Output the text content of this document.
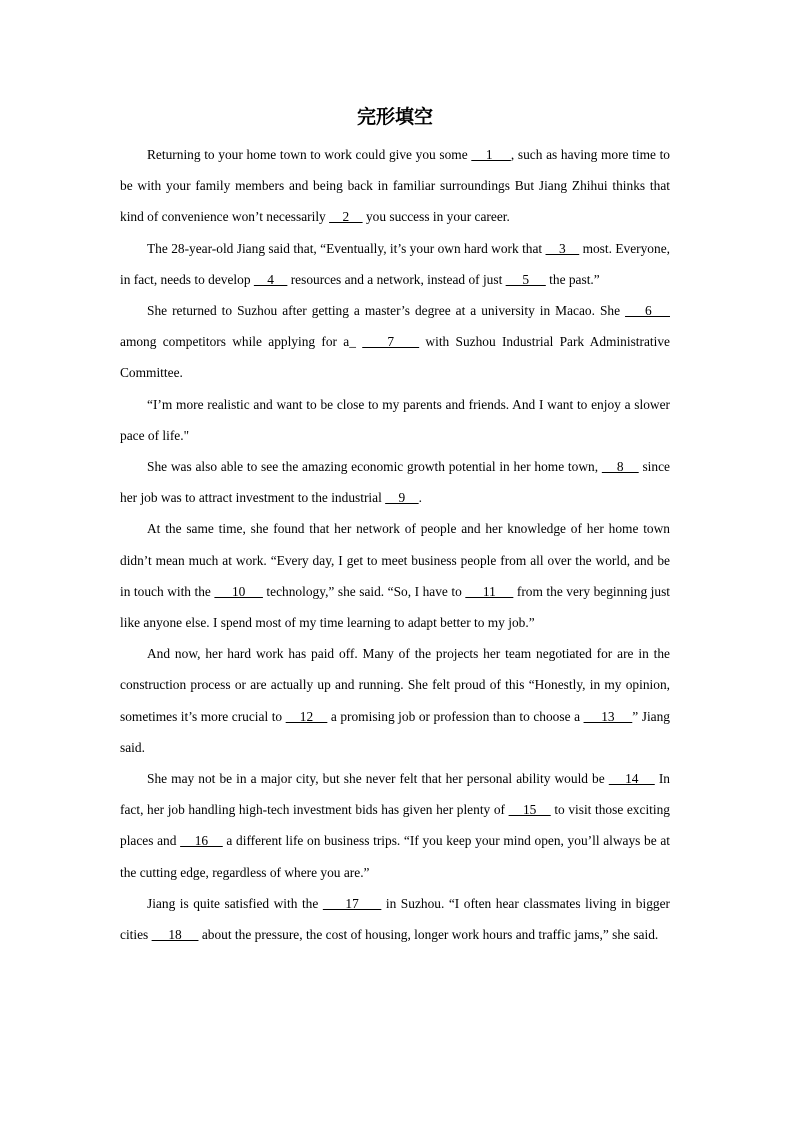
完形填空

Returning to your home town to work could give you some     1     , such as having more time to be with your family members and being back in familiar surroundings But Jiang Zhihui thinks that kind of convenience won’t necessarily     2     you success in your career.

The 28-year-old Jiang said that, “Eventually, it’s your own hard work that     3     most. Everyone, in fact, needs to develop     4     resources and a network, instead of just      5      the past.”

She returned to Suzhou after getting a master’s degree at a university in Macao. She     6     among competitors while applying for a_     7     with Suzhou Industrial Park Administrative Committee.

“I’m more realistic and want to be close to my parents and friends. And I want to enjoy a slower pace of life."

She was also able to see the amazing economic growth potential in her home town,     8     since her job was to attract investment to the industrial     9    .

At the same time, she found that her network of people and her knowledge of her home town didn’t mean much at work. “Every day, I get to meet business people from all over the world, and be in touch with the      10      technology,” she said. “So, I have to      11      from the very beginning just like anyone else. I spend most of my time learning to adapt better to my job.”

And now, her hard work has paid off. Many of the projects her team negotiated for are in the construction process or are actually up and running. She felt proud of this “Honestly, in my opinion, sometimes it’s more crucial to     12     a promising job or profession than to choose a      13     ” Jiang said.

She may not be in a major city, but she never felt that her personal ability would be     14     In fact, her job handling high-tech investment bids has given her plenty of     15     to visit those exciting places and     16     a different life on business trips. “If you keep your mind open, you’ll always be at the cutting edge, regardless of where you are.”

Jiang is quite satisfied with the      17      in Suzhou. “I often hear classmates living in bigger cities      18      about the pressure, the cost of housing, longer work hours and traffic jams,” she said.
